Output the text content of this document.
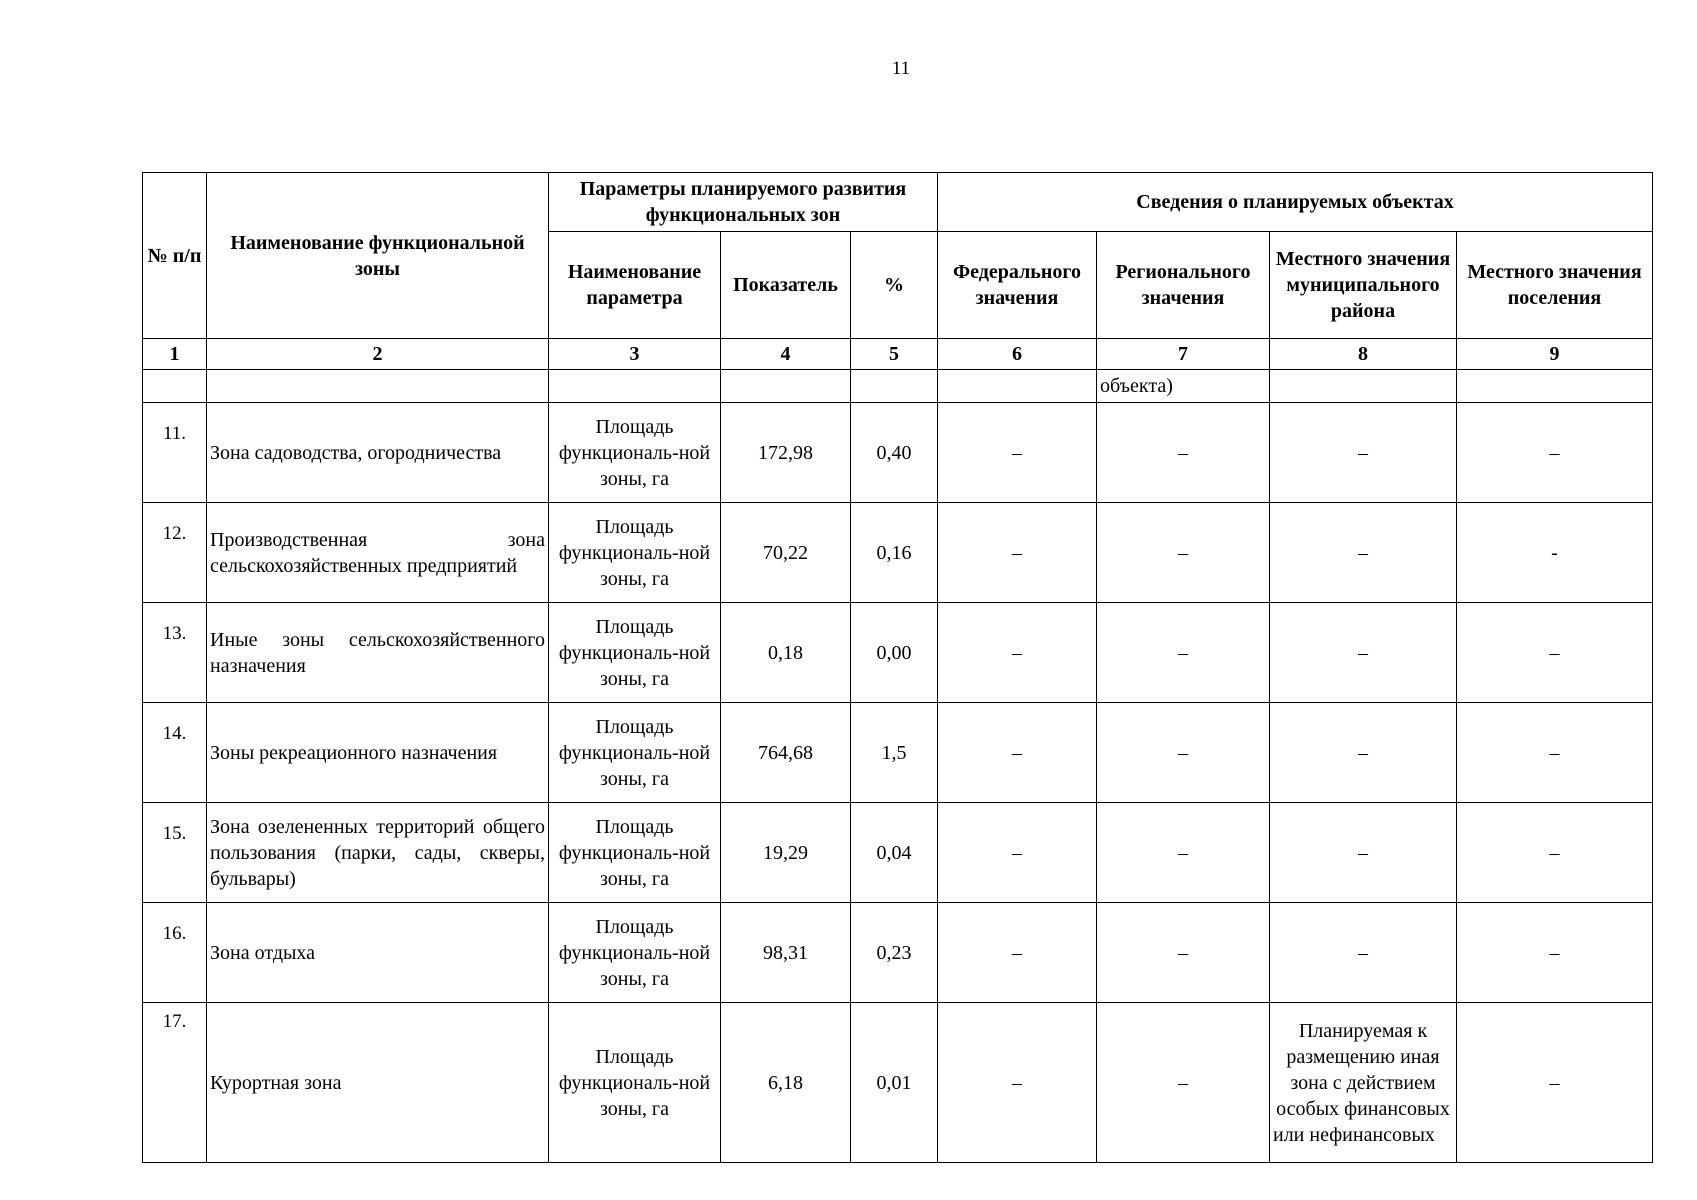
11
№ п/п	Наименование функциональной зоны	Параметры планируемого развития функциональных зон			Сведения о планируемых объектах			
		Наименование параметра	Показатель	%	Федерального значения	Регионального значения	Местного значения муниципального района	Местного значения поселения
1	2	3	4	5	6	7	8	9
						объекта)		
11.	Зона садоводства, огородничества	Площадь функциональ-ной зоны, га	172,98	0,40	–	–	–	–
12.	Производственная зона сельскохозяйственных предприятий	Площадь функциональ-ной зоны, га	70,22	0,16	–	–	–	-
13.	Иные зоны сельскохозяйственного назначения	Площадь функциональ-ной зоны, га	0,18	0,00	–	–	–	–
14.	Зоны рекреационного назначения	Площадь функциональ-ной зоны, га	764,68	1,5	–	–	–	–
15.	Зона озелененных территорий общего пользования (парки, сады, скверы, бульвары)	Площадь функциональ-ной зоны, га	19,29	0,04	–	–	–	–
16.	Зона отдыха	Площадь функциональ-ной зоны, га	98,31	0,23	–	–	–	–
17.	Курортная зона	Площадь функциональ-ной зоны, га	6,18	0,01	–	–	Планируемая к размещению иная зона с действием особых финансовых или нефинансовых	–
